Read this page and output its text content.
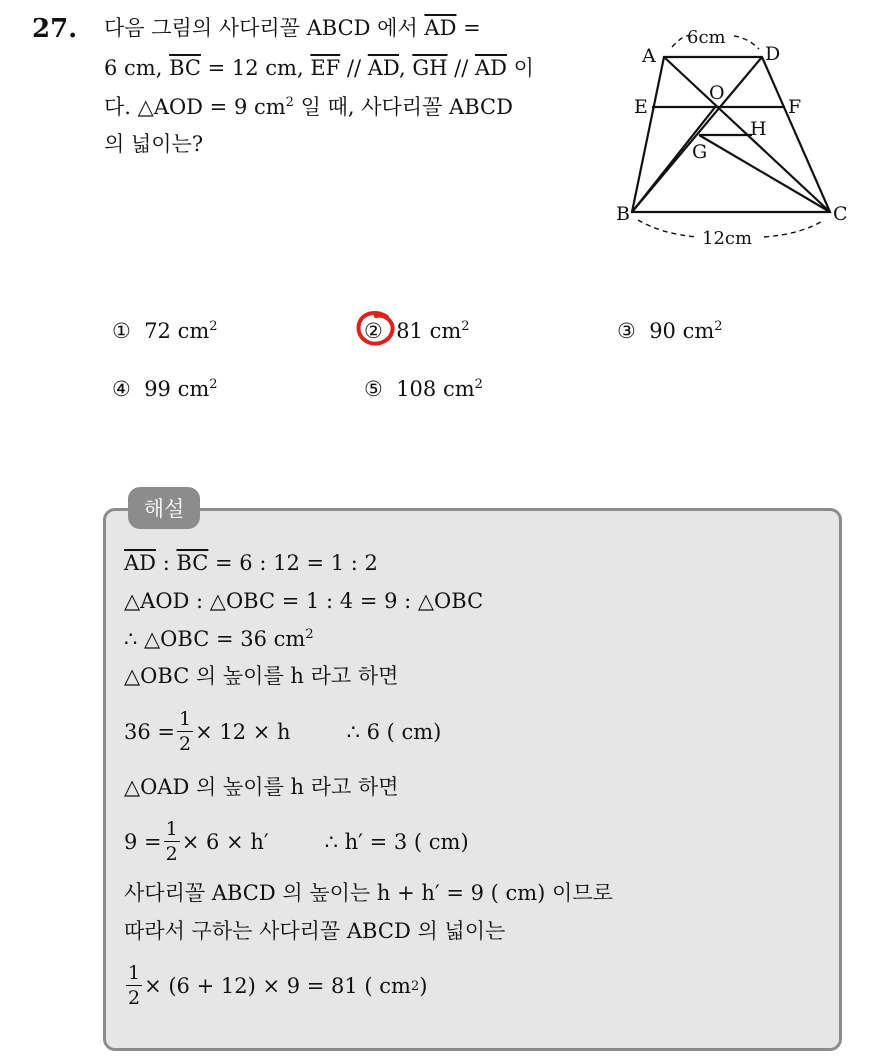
27. 다음 그림의 사다리꼴 ABCD 에서 $\overline{AD}$ =
6 cm, $\overline{BC} = 12$ cm, $\overline{EF} // \overline{AD}$, $\overline{GH} // \overline{AD}$ 이
다. △AOD = 9 $cm^2$ 일 때, 사다리꼴 ABCD
의 넓이는?
A	D
E	F
O
H
G
B	C
6cm
12cm
① 72 $cm^2$	② 81 $cm^2$	③ 90 $cm^2$
④ 99 $cm^2$	⑤ 108 $cm^2$
해설
$\overline{AD}$ : $\overline{BC} = 6$ : 12 = 1 : 2
△AOD : △OBC = 1 : 4 = 9 : △OBC
∴ △OBC = 36 $cm^2$
△OBC 의 높이를 h 라고 하면
$36 = \frac{1}{2} \times 12 \times h$	∴ 6 ( cm)
△OAD 의 높이를 h 라고 하면
$9 = \frac{1}{2} \times 6 \times h'$	∴ h′ = 3 ( cm)
사다리꼴 ABCD 의 높이는 h + h′ = 9 ( cm) 이므로
따라서 구하는 사다리꼴 ABCD 의 넓이는
$\frac{1}{2} \times (6 + 12) \times 9 = 81$ ( cm 2 )
